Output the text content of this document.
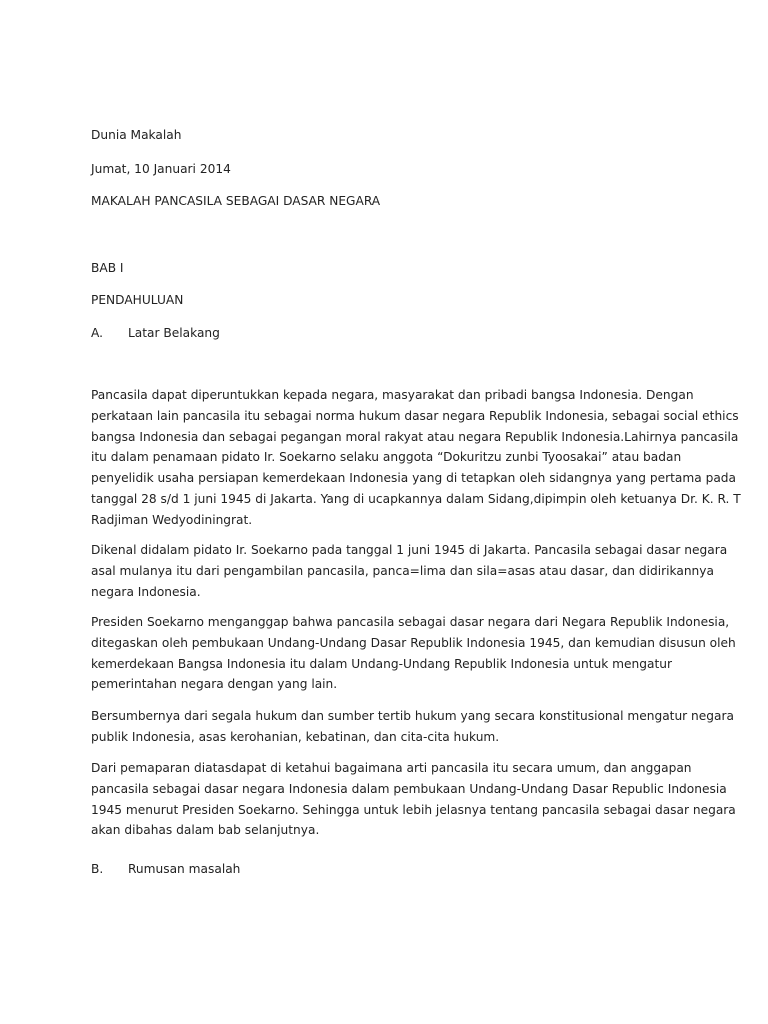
Dunia Makalah
Jumat, 10 Januari 2014
MAKALAH PANCASILA SEBAGAI DASAR NEGARA
BAB I
PENDAHULUAN
A. Latar Belakang
Pancasila dapat diperuntukkan kepada negara, masyarakat dan pribadi bangsa Indonesia. Dengan
perkataan lain pancasila itu sebagai norma hukum dasar negara Republik Indonesia, sebagai social ethics
bangsa Indonesia dan sebagai pegangan moral rakyat atau negara Republik Indonesia.Lahirnya pancasila
itu dalam penamaan pidato Ir. Soekarno selaku anggota “Dokuritzu zunbi Tyoosakai” atau badan
penyelidik usaha persiapan kemerdekaan Indonesia yang di tetapkan oleh sidangnya yang pertama pada
tanggal 28 s/d 1 juni 1945 di Jakarta. Yang di ucapkannya dalam Sidang,dipimpin oleh ketuanya Dr. K. R. T
Radjiman Wedyodiningrat.
Dikenal didalam pidato Ir. Soekarno pada tanggal 1 juni 1945 di Jakarta. Pancasila sebagai dasar negara
asal mulanya itu dari pengambilan pancasila, panca=lima dan sila=asas atau dasar, dan didirikannya
negara Indonesia.
Presiden Soekarno menganggap bahwa pancasila sebagai dasar negara dari Negara Republik Indonesia,
ditegaskan oleh pembukaan Undang-Undang Dasar Republik Indonesia 1945, dan kemudian disusun oleh
kemerdekaan Bangsa Indonesia itu dalam Undang-Undang Republik Indonesia untuk mengatur
pemerintahan negara dengan yang lain.
Bersumbernya dari segala hukum dan sumber tertib hukum yang secara konstitusional mengatur negara
publik Indonesia, asas kerohanian, kebatinan, dan cita-cita hukum.
Dari pemaparan diatasdapat di ketahui bagaimana arti pancasila itu secara umum, dan anggapan
pancasila sebagai dasar negara Indonesia dalam pembukaan Undang-Undang Dasar Republic Indonesia
1945 menurut Presiden Soekarno. Sehingga untuk lebih jelasnya tentang pancasila sebagai dasar negara
akan dibahas dalam bab selanjutnya.
B. Rumusan masalah
